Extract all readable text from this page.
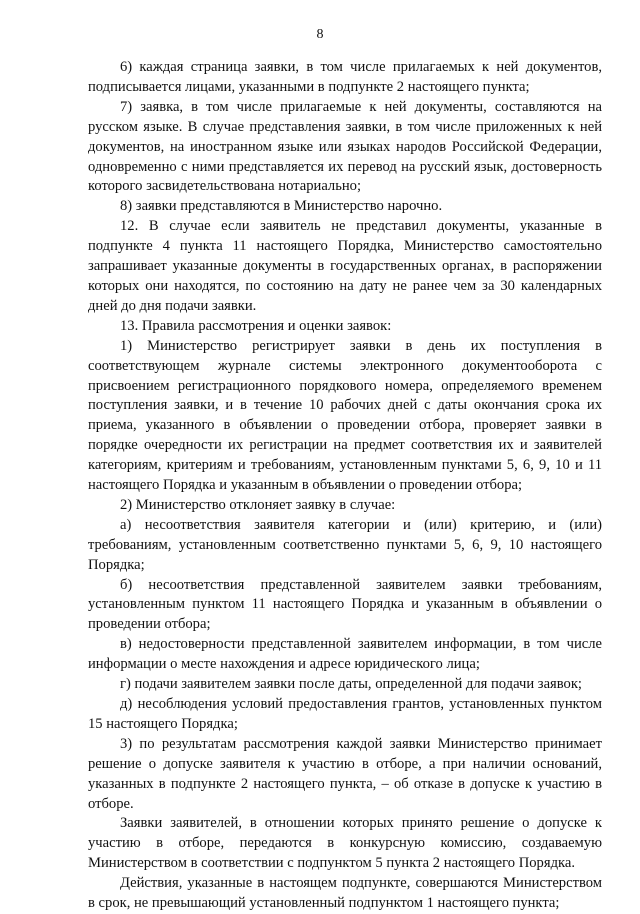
8

6) каждая страница заявки, в том числе прилагаемых к ней документов, подписывается лицами, указанными в подпункте 2 настоящего пункта;

7) заявка, в том числе прилагаемые к ней документы, составляются на русском языке. В случае представления заявки, в том числе приложенных к ней документов, на иностранном языке или языках народов Российской Федерации, одновременно с ними представляется их перевод на русский язык, достоверность которого засвидетельствована нотариально;

8) заявки представляются в Министерство нарочно.

12. В случае если заявитель не представил документы, указанные в подпункте 4 пункта 11 настоящего Порядка, Министерство самостоятельно запрашивает указанные документы в государственных органах, в распоряжении которых они находятся, по состоянию на дату не ранее чем за 30 календарных дней до дня подачи заявки.

13. Правила рассмотрения и оценки заявок:

1) Министерство регистрирует заявки в день их поступления в соответствующем журнале системы электронного документооборота с присвоением регистрационного порядкового номера, определяемого временем поступления заявки, и в течение 10 рабочих дней с даты окончания срока их приема, указанного в объявлении о проведении отбора, проверяет заявки в порядке очередности их регистрации на предмет соответствия их и заявителей категориям, критериям и требованиям, установленным пунктами 5, 6, 9, 10 и 11 настоящего Порядка и указанным в объявлении о проведении отбора;

2) Министерство отклоняет заявку в случае:

а) несоответствия заявителя категории и (или) критерию, и (или) требованиям, установленным соответственно пунктами 5, 6, 9, 10 настоящего Порядка;

б) несоответствия представленной заявителем заявки требованиям, установленным пунктом 11 настоящего Порядка и указанным в объявлении о проведении отбора;

в) недостоверности представленной заявителем информации, в том числе информации о месте нахождения и адресе юридического лица;

г) подачи заявителем заявки после даты, определенной для подачи заявок;

д) несоблюдения условий предоставления грантов, установленных пунктом 15 настоящего Порядка;

3) по результатам рассмотрения каждой заявки Министерство принимает решение о допуске заявителя к участию в отборе, а при наличии оснований, указанных в подпункте 2 настоящего пункта, – об отказе в допуске к участию в отборе.

Заявки заявителей, в отношении которых принято решение о допуске к участию в отборе, передаются в конкурсную комиссию, создаваемую Министерством в соответствии с подпунктом 5 пункта 2 настоящего Порядка.

Действия, указанные в настоящем подпункте, совершаются Министерством в срок, не превышающий установленный подпунктом 1 настоящего пункта;
